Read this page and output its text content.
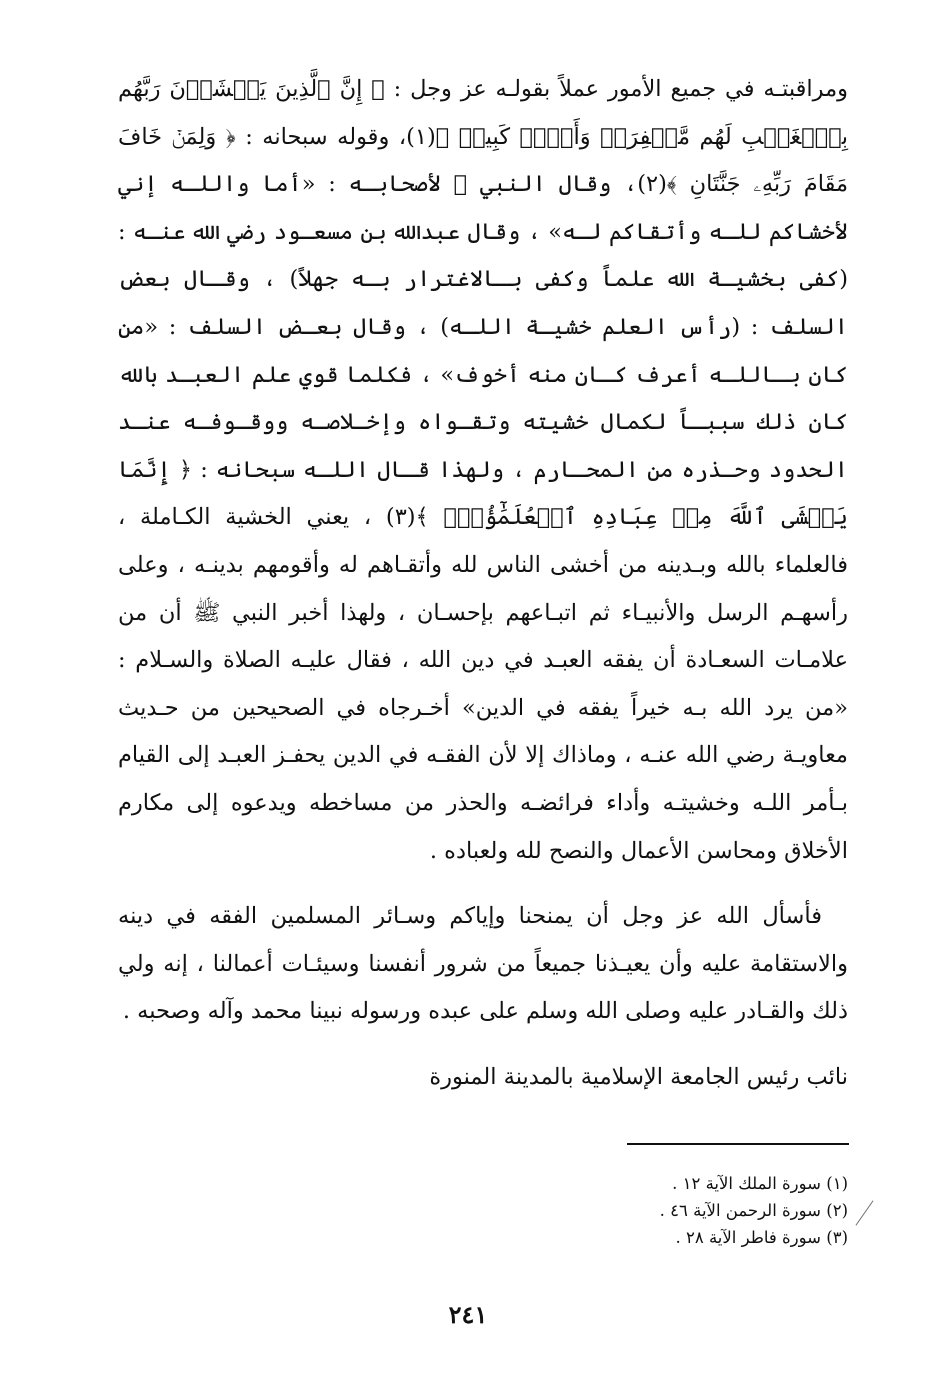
ومراقبتـه في جميع الأمور عملاً بقولـه عز وجل : ﴿ إِنَّ ٱلَّذِينَ يَخۡشَوۡنَ رَبَّهُم بِٱلۡغَيۡبِ لَهُم مَّغۡفِرَةٞ وَأَجۡرٞ كَبِيرٞ ﴾(١)، وقوله سبحانه : ﴿ وَلِمَنۡ خَافَ مَقَامَ رَبِّهِۦ جَنَّتَانِ ﴾(٢)، وقال النبي ﷺ لأصحابـه : «أما واللـه إني لأخشاكم للـه وأتقاكم لـه» ، وقال عبدالله بن مسعـود رضي الله عنـه : (كفى بخشيـة الله علماً وكفى بـالاغترار بـه جهلاً) ، وقـال بعض السلف : (رأس العلم خشيـة اللـه) ، وقال بعـض السلف : «من كان بـاللـه أعرف كـان منه أخوف» ، فكلما قوي علم العبـد بالله كان ذلك سببـاً لكمال خشيته وتقـواه وإخـلاصـه ووقـوفـه عنـد الحدود وحـذره من المحـارم ، ولهذا قـال اللـه سبحانه : ﴿ إِنَّمَا يَخۡشَى ٱللَّهَ مِنۡ عِبَادِهِ ٱلۡعُلَمَٰٓؤُاْۗ ﴾(٣) ، يعني الخشية الكـاملة ، فالعلماء بالله وبـدينه من أخشى الناس لله وأتقـاهم له وأقومهم بدينـه ، وعلى رأسهـم الرسل والأنبيـاء ثم اتبـاعهم بإحسـان ، ولهذا أخبر النبي ﷺ أن من علامـات السعـادة أن يفقه العبـد في دين الله ، فقال عليـه الصلاة والسـلام : «من يرد الله بـه خيراً يفقه في الدين» أخـرجاه في الصحيحين من حـديث معاويـة رضي الله عنـه ، وماذاك إلا لأن الفقـه في الدين يحفـز العبـد إلى القيام بـأمر اللـه وخشيتـه وأداء فرائضـه والحذر من مساخطه ويدعوه إلى مكارم الأخلاق ومحاسن الأعمال والنصح لله ولعباده .

فأسأل الله عز وجل أن يمنحنا وإياكم وسـائر المسلمين الفقه في دينه والاستقامة عليه وأن يعيـذنا جميعاً من شرور أنفسنا وسيئـات أعمالنا ، إنه ولي ذلك والقـادر عليه وصلى الله وسلم على عبده ورسوله نبينا محمد وآله وصحبه .

نائب رئيس الجامعة الإسلامية بالمدينة المنورة

(١) سورة الملك الآية ١٢ .
(٢) سورة الرحمن الآية ٤٦ .
(٣) سورة فاطر الآية ٢٨ .
٢٤١
